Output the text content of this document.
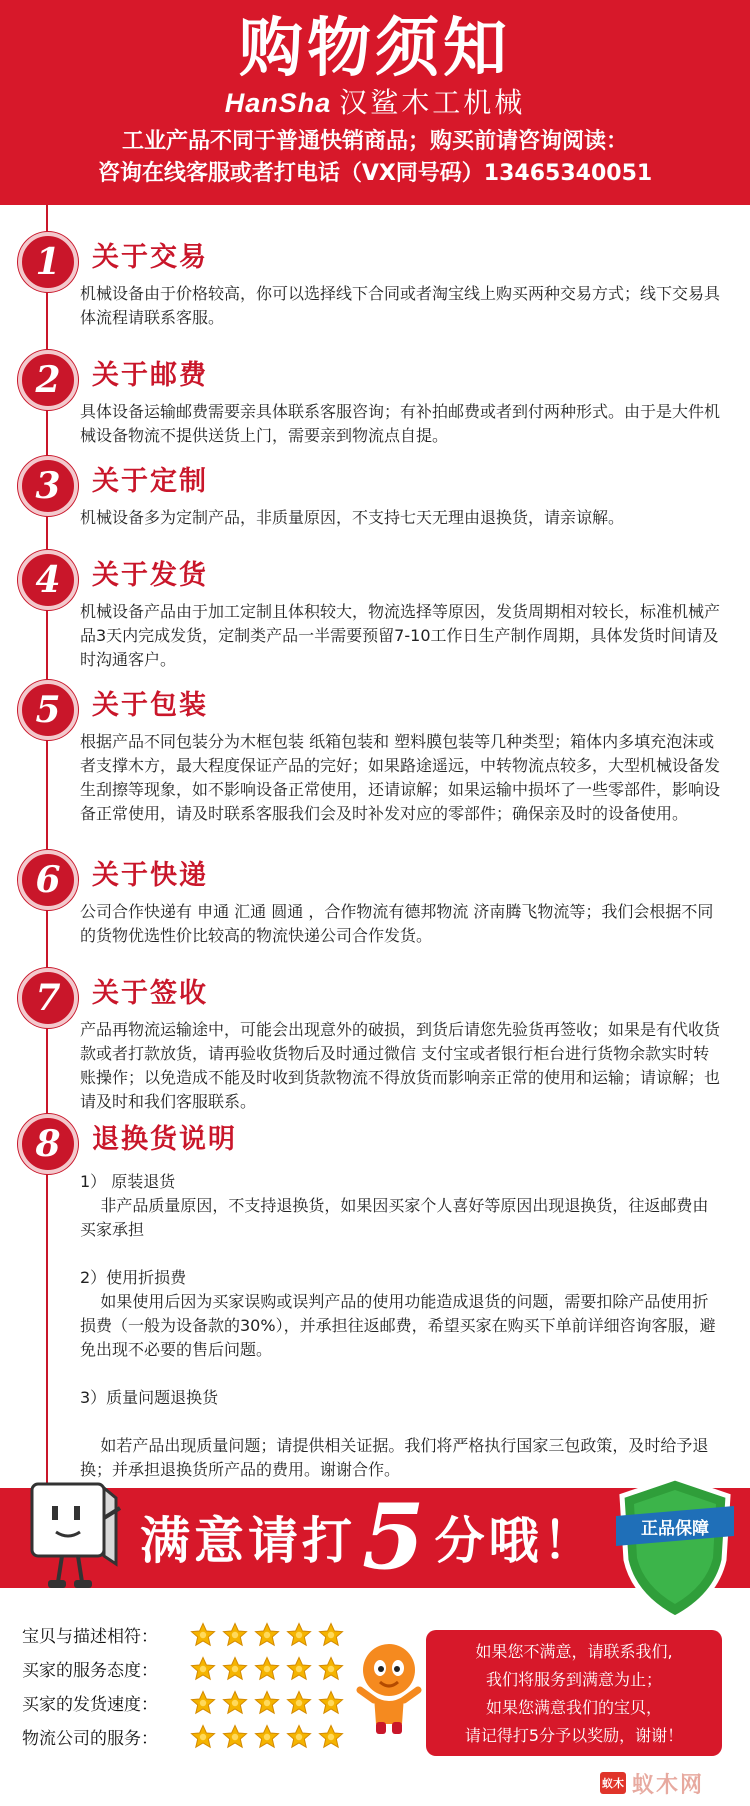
购物须知
HanSha 汉鲨木工机械
工业产品不同于普通快销商品；购买前请咨询阅读：
咨询在线客服或者打电话（VX同号码）13465340051
1 关于交易

机械设备由于价格较高，你可以选择线下合同或者淘宝线上购买两种交易方式；线下交易具体流程请联系客服。

2 关于邮费

具体设备运输邮费需要亲具体联系客服咨询；有补拍邮费或者到付两种形式。由于是大件机械设备物流不提供送货上门，需要亲到物流点自提。

3 关于定制

机械设备多为定制产品，非质量原因，不支持七天无理由退换货，请亲谅解。

4 关于发货

机械设备产品由于加工定制且体积较大，物流选择等原因，发货周期相对较长，标准机械产品3天内完成发货，定制类产品一半需要预留7-10工作日生产制作周期，具体发货时间请及时沟通客户。

5 关于包装

根据产品不同包装分为木框包装 纸箱包装和 塑料膜包装等几种类型；箱体内多填充泡沫或者支撑木方，最大程度保证产品的完好；如果路途遥远，中转物流点较多，大型机械设备发生刮擦等现象，如不影响设备正常使用，还请谅解；如果运输中损坏了一些零部件，影响设备正常使用，请及时联系客服我们会及时补发对应的零部件；确保亲及时的设备使用。

6 关于快递

公司合作快递有 申通 汇通 圆通 ，合作物流有德邦物流 济南腾飞物流等；我们会根据不同的货物优选性价比较高的物流快递公司合作发货。

7 关于签收

产品再物流运输途中，可能会出现意外的破损，到货后请您先验货再签收；如果是有代收货款或者打款放货，请再验收货物后及时通过微信 支付宝或者银行柜台进行货物余款实时转账操作；以免造成不能及时收到货款物流不得放货而影响亲正常的使用和运输；请谅解；也请及时和我们客服联系。

8 退换货说明

1） 原装退货

非产品质量原因，不支持退换货，如果因买家个人喜好等原因出现退换货，往返邮费由买家承担

2）使用折损费

如果使用后因为买家误购或误判产品的使用功能造成退货的问题，需要扣除产品使用折损费（一般为设备款的30%），并承担往返邮费，希望买家在购买下单前详细咨询客服，避免出现不必要的售后问题。

3）质量问题退换货

如若产品出现质量问题；请提供相关证据。我们将严格执行国家三包政策，及时给予退换；并承担退换货所产品的费用。谢谢合作。

满意请打5 分哦！	正品保障
宝贝与描述相符：
买家的服务态度：
买家的发货速度：
物流公司的服务：

如果您不满意，请联系我们,

我们将服务到满意为止；

如果您满意我们的宝贝，

请记得打5分予以奖励，谢谢！

蚁木 蚁木网
